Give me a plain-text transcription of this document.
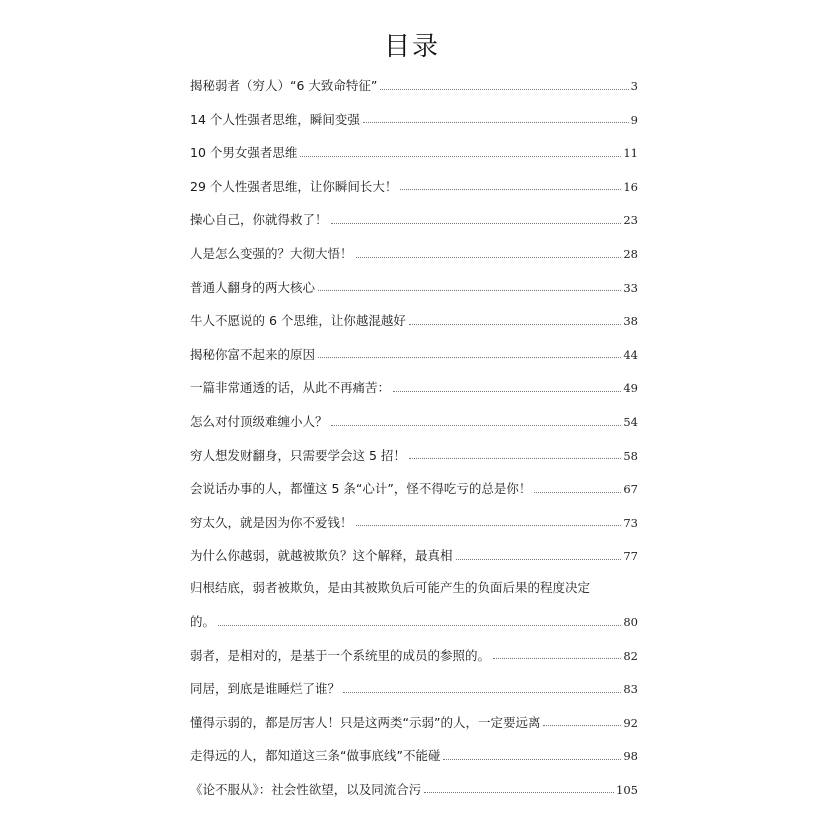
目录
揭秘弱者（穷人）“6 大致命特征”	3
14 个人性强者思维，瞬间变强	9
10 个男女强者思维	11
29 个人性强者思维，让你瞬间长大！	16
操心自己，你就得救了！	23
人是怎么变强的？大彻大悟！	28
普通人翻身的两大核心	33
牛人不愿说的 6 个思维，让你越混越好	38
揭秘你富不起来的原因	44
一篇非常通透的话，从此不再痛苦：	49
怎么对付顶级难缠小人？	54
穷人想发财翻身，只需要学会这 5 招！	58
会说话办事的人，都懂这 5 条“心计”，怪不得吃亏的总是你！	67
穷太久，就是因为你不爱钱！	73
为什么你越弱，就越被欺负？这个解释，最真相	77
归根结底，弱者被欺负，是由其被欺负后可能产生的负面后果的程度决定
的。	80
弱者，是相对的，是基于一个系统里的成员的参照的。	82
同居，到底是谁睡烂了谁？	83
懂得示弱的，都是厉害人！只是这两类“示弱”的人，一定要远离	92
走得远的人，都知道这三条“做事底线”不能碰	98
《论不服从》：社会性欲望，以及同流合污	105
